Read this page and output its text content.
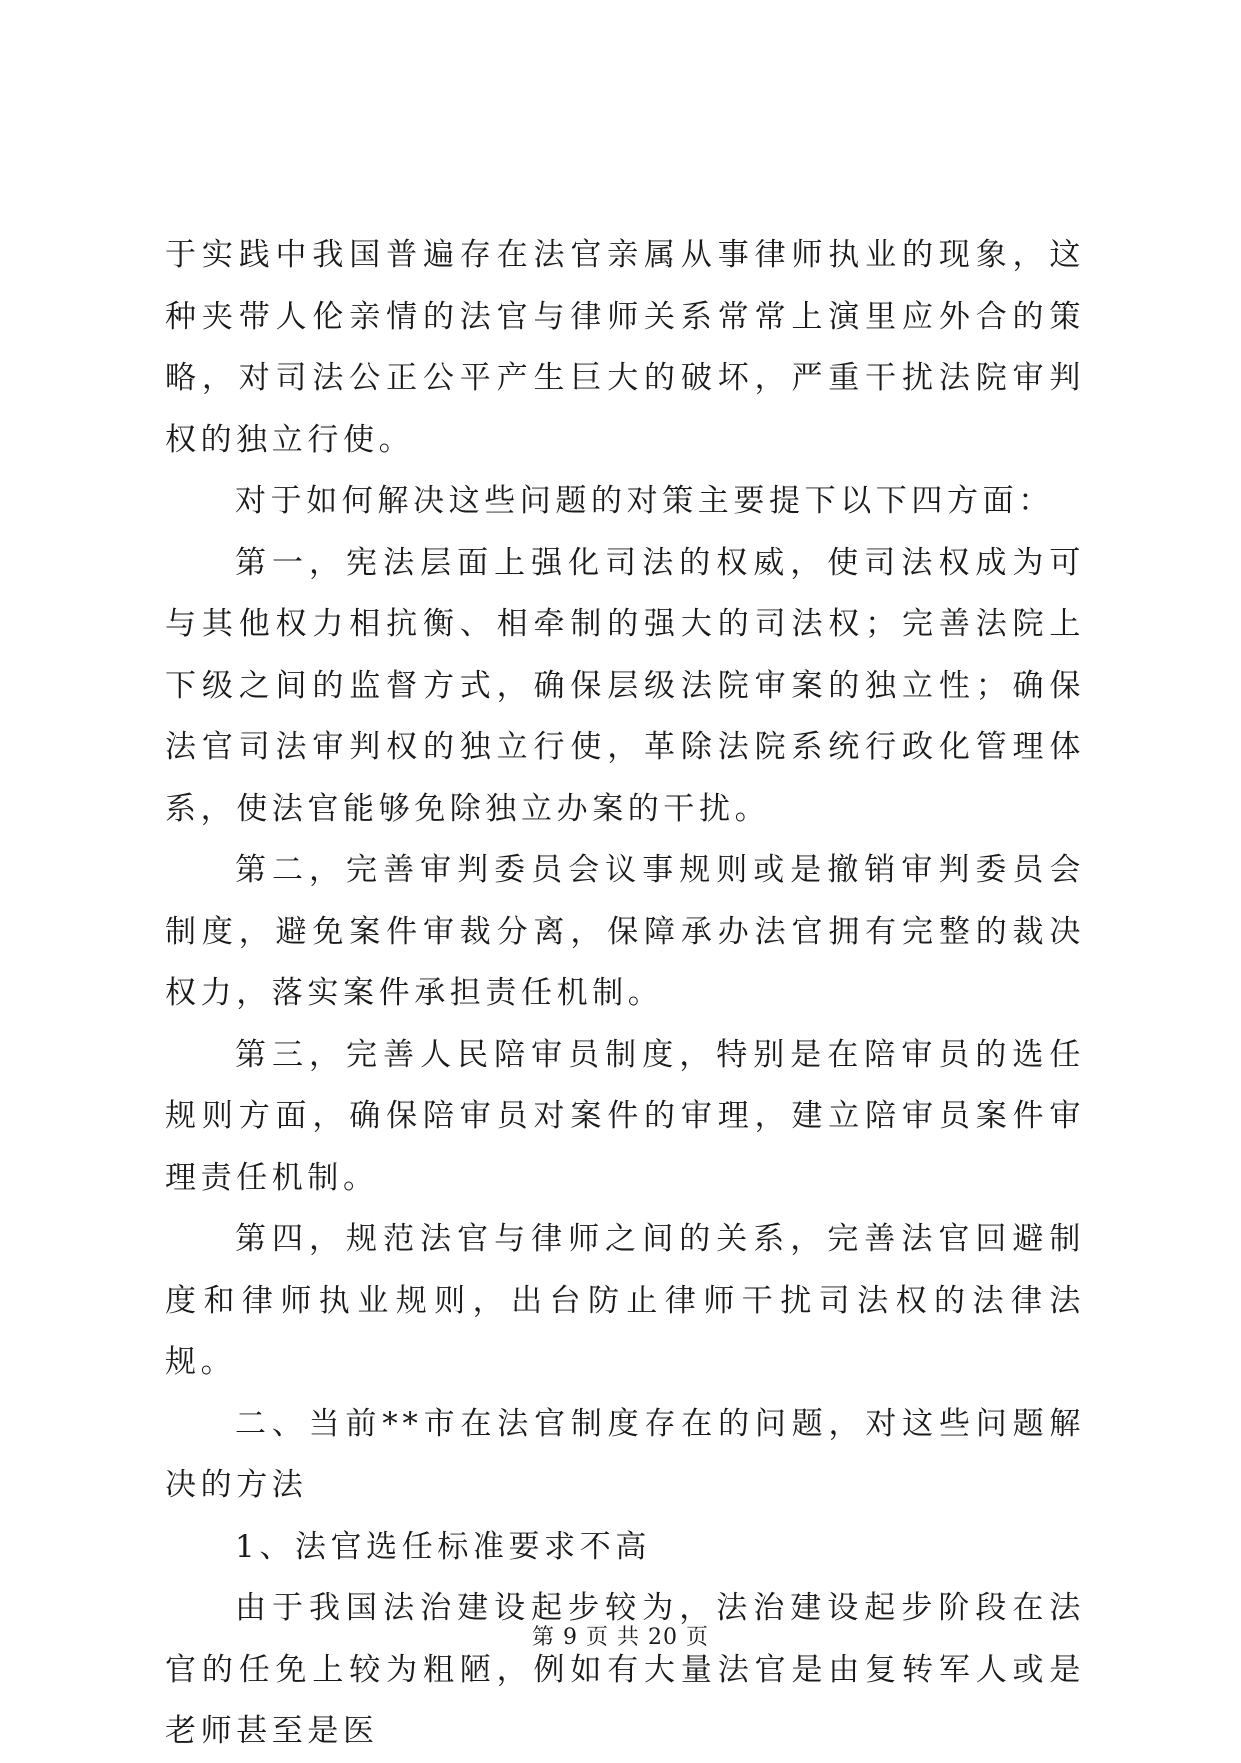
于实践中我国普遍存在法官亲属从事律师执业的现象，这种夹带人伦亲情的法官与律师关系常常上演里应外合的策略，对司法公正公平产生巨大的破坏，严重干扰法院审判权的独立行使。

对于如何解决这些问题的对策主要提下以下四方面：

第一，宪法层面上强化司法的权威，使司法权成为可与其他权力相抗衡、相牵制的强大的司法权；完善法院上下级之间的监督方式，确保层级法院审案的独立性；确保法官司法审判权的独立行使，革除法院系统行政化管理体系，使法官能够免除独立办案的干扰。

第二，完善审判委员会议事规则或是撤销审判委员会制度，避免案件审裁分离，保障承办法官拥有完整的裁决权力，落实案件承担责任机制。

第三，完善人民陪审员制度，特别是在陪审员的选任规则方面，确保陪审员对案件的审理，建立陪审员案件审理责任机制。

第四，规范法官与律师之间的关系，完善法官回避制度和律师执业规则，出台防止律师干扰司法权的法律法规。

二、当前**市在法官制度存在的问题，对这些问题解决的方法

1、法官选任标准要求不高

由于我国法治建设起步较为，法治建设起步阶段在法官的任免上较为粗陋，例如有大量法官是由复转军人或是老师甚至是医

第 9 页 共 20 页
